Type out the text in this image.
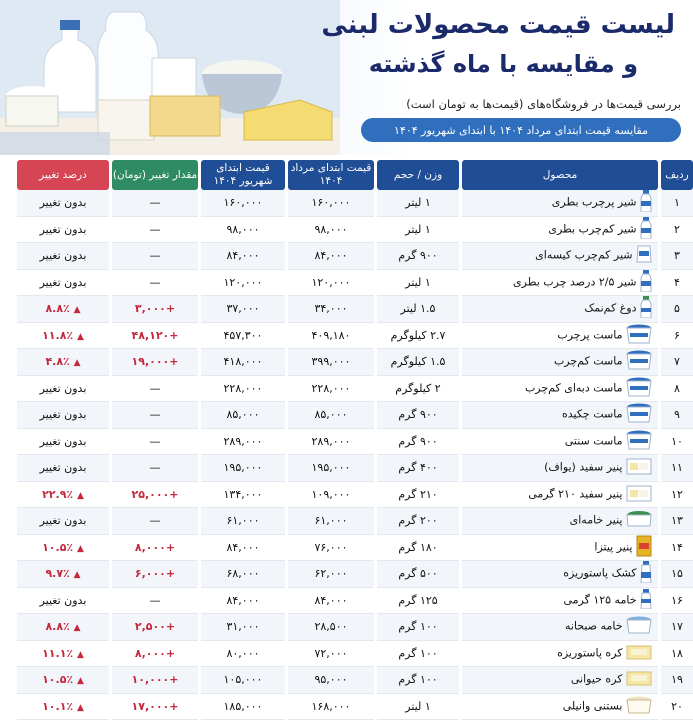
لیست قیمت محصولات لبنی
و مقایسه با ماه گذشته
بررسی قیمت‌ها در فروشگاه‌های (قیمت‌ها به تومان است)
مقایسه قیمت ابتدای مرداد ۱۴۰۴ با ابتدای شهریور ۱۴۰۴
ردیف	محصول	وزن / حجم	قیمت ابتدای مرداد ۱۴۰۴	قیمت ابتدای شهریور ۱۴۰۴	مقدار تغییر (تومان)	درصد تغییر
۱	شیر پرچرب بطری	۱ لیتر	۱۶۰,۰۰۰	۱۶۰,۰۰۰	—	بدون تغییر
۲	شیر کم‌چرب بطری	۱ لیتر	۹۸,۰۰۰	۹۸,۰۰۰	—	بدون تغییر
۳	شیر کم‌چرب کیسه‌ای	۹۰۰ گرم	۸۴,۰۰۰	۸۴,۰۰۰	—	بدون تغییر
۴	شیر ۲/۵ درصد چرب بطری	۱ لیتر	۱۲۰,۰۰۰	۱۲۰,۰۰۰	—	بدون تغییر
۵	دوغ کم‌نمک	۱.۵ لیتر	۳۴,۰۰۰	۳۷,۰۰۰	+۳,۰۰۰	▲ ۸.۸٪
۶	ماست پرچرب	۲.۷ کیلوگرم	۴۰۹,۱۸۰	۴۵۷,۳۰۰	+۴۸,۱۲۰	▲ ۱۱.۸٪
۷	ماست کم‌چرب	۱.۵ کیلوگرم	۳۹۹,۰۰۰	۴۱۸,۰۰۰	+۱۹,۰۰۰	▲ ۴.۸٪
۸	ماست دبه‌ای کم‌چرب	۲ کیلوگرم	۲۲۸,۰۰۰	۲۲۸,۰۰۰	—	بدون تغییر
۹	ماست چکیده	۹۰۰ گرم	۸۵,۰۰۰	۸۵,۰۰۰	—	بدون تغییر
۱۰	ماست سنتی	۹۰۰ گرم	۲۸۹,۰۰۰	۲۸۹,۰۰۰	—	بدون تغییر
۱۱	پنیر سفید (یواف)	۴۰۰ گرم	۱۹۵,۰۰۰	۱۹۵,۰۰۰	—	بدون تغییر
۱۲	پنیر سفید ۲۱۰ گرمی	۲۱۰ گرم	۱۰۹,۰۰۰	۱۳۴,۰۰۰	+۲۵,۰۰۰	▲ ۲۲.۹٪
۱۳	پنیر خامه‌ای	۲۰۰ گرم	۶۱,۰۰۰	۶۱,۰۰۰	—	بدون تغییر
۱۴	پنیر پیتزا	۱۸۰ گرم	۷۶,۰۰۰	۸۴,۰۰۰	+۸,۰۰۰	▲ ۱۰.۵٪
۱۵	کشک پاستوریزه	۵۰۰ گرم	۶۲,۰۰۰	۶۸,۰۰۰	+۶,۰۰۰	▲ ۹.۷٪
۱۶	خامه ۱۲۵ گرمی	۱۲۵ گرم	۸۴,۰۰۰	۸۴,۰۰۰	—	بدون تغییر
۱۷	خامه صبحانه	۱۰۰ گرم	۲۸,۵۰۰	۳۱,۰۰۰	+۲,۵۰۰	▲ ۸.۸٪
۱۸	کره پاستوریزه	۱۰۰ گرم	۷۲,۰۰۰	۸۰,۰۰۰	+۸,۰۰۰	▲ ۱۱.۱٪
۱۹	کره حیوانی	۱۰۰ گرم	۹۵,۰۰۰	۱۰۵,۰۰۰	+۱۰,۰۰۰	▲ ۱۰.۵٪
۲۰	بستنی وانیلی	۱ لیتر	۱۶۸,۰۰۰	۱۸۵,۰۰۰	+۱۷,۰۰۰	▲ ۱۰.۱٪
